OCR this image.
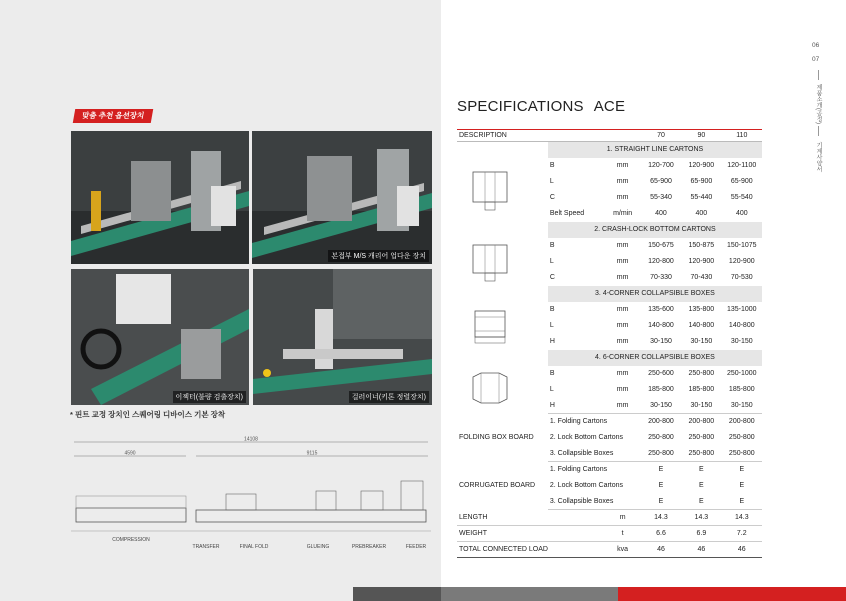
맞춤 추천 옵션장치
본접부 M/S 캐리어 업다운 장치
이젝터(불량 검출장치)	걸러이너(키톤 정렬장치)
* 핀트 교정 장치인 스퀘어링 디바이스 기본 장착
14108
4590	9115
COMPRESSION
TRANSFER	FINAL FOLD	GLUEING	PREBREAKER	FEEDER
06
07
제품소개(공정)
기계사양서
SPECIFICATIONS ACE
DESCRIPTION			70	90	110
	1. STRAIGHT LINE CARTONS				

	B	mm	120-700	120-900	120-1100
	L	mm	65-900	65-900	65-900
	C	mm	55-340	55-440	55-540
	Belt Speed	m/min	400	400	400
	2. CRASH-LOCK BOTTOM CARTONS				

	B	mm	150-675	150-875	150-1075
	L	mm	120-800	120-900	120-900
	C	mm	70-330	70-430	70-530
	3. 4-CORNER COLLAPSIBLE BOXES				

	B	mm	135-600	135-800	135-1000
	L	mm	140-800	140-800	140-800
	H	mm	30-150	30-150	30-150
	4. 6-CORNER COLLAPSIBLE BOXES				

	B	mm	250-600	250-800	250-1000
	L	mm	185-800	185-800	185-800
	H	mm	30-150	30-150	30-150
FOLDING BOX BOARD	1. Folding Cartons		200-800	200-800	200-800
	2. Lock Bottom Cartons		250-800	250-800	250-800
	3. Collapsible Boxes		250-800	250-800	250-800
CORRUGATED BOARD	1. Folding Cartons		E	E	E
	2. Lock Bottom Cartons		E	E	E
	3. Collapsible Boxes		E	E	E
LENGTH		m	14.3	14.3	14.3
WEIGHT		t	6.6	6.9	7.2
TOTAL CONNECTED LOAD		kva	46	46	46
